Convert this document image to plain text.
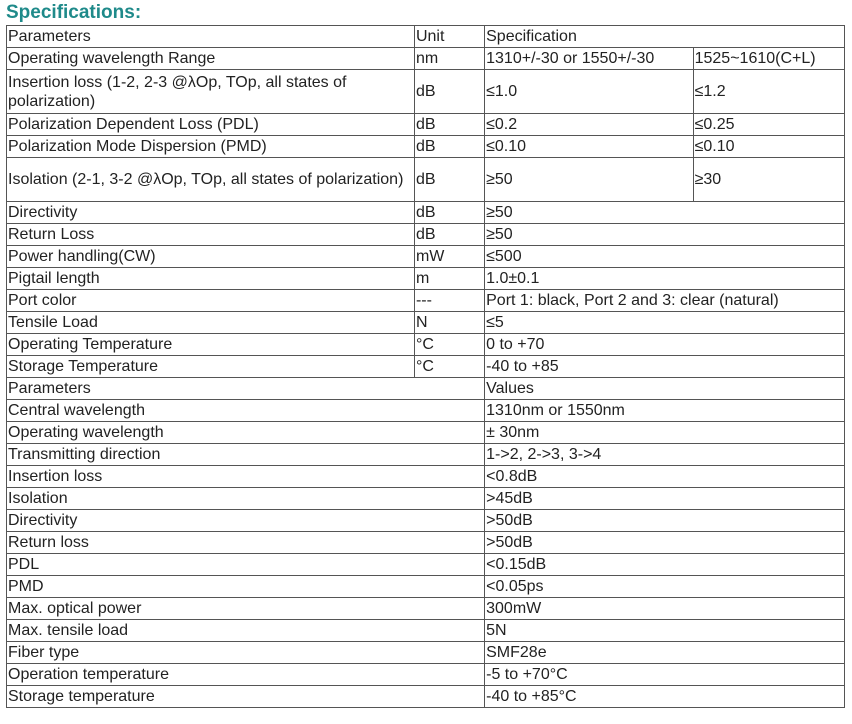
Specifications:
Parameters	Unit	Specification	
Operating wavelength Range	nm	1310+/-30 or 1550+/-30	1525~1610(C+L)
Insertion loss (1-2, 2-3 @λOp, TOp, all states of polarization)	dB	≤1.0	≤1.2
Polarization Dependent Loss (PDL)	dB	≤0.2	≤0.25
Polarization Mode Dispersion (PMD)	dB	≤0.10	≤0.10
Isolation (2-1, 3-2 @λOp, TOp, all states of polarization)	dB	≥50	≥30
Directivity	dB	≥50	
Return Loss	dB	≥50	
Power handling(CW)	mW	≤500	
Pigtail length	m	1.0±0.1	
Port color	---	Port 1: black, Port 2 and 3: clear (natural)	
Tensile Load	N	≤5	
Operating Temperature	°C	0 to +70	
Storage Temperature	°C	-40 to +85	
Parameters		Values	
Central wavelength		1310nm or 1550nm	
Operating wavelength		± 30nm	
Transmitting direction		1->2, 2->3, 3->4	
Insertion loss		<0.8dB	
Isolation		>45dB	
Directivity		>50dB	
Return loss		>50dB	
PDL		<0.15dB	
PMD		<0.05ps	
Max. optical power		300mW	
Max. tensile load		5N	
Fiber type		SMF28e	
Operation temperature		-5 to +70°C	
Storage temperature		-40 to +85°C	
